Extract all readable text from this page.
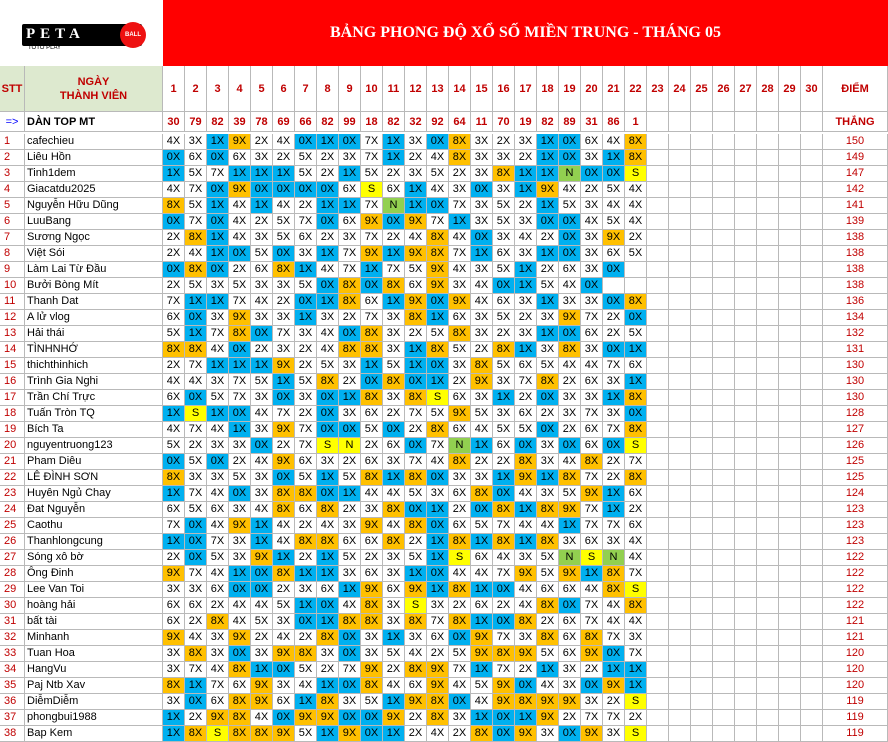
PETA	BALL
TOTO PLAY
BẢNG PHONG ĐỘ XỔ SỐ MIỀN TRUNG - THÁNG 05
STT
NGÀY
THÀNH VIÊN
1	2	3	4	5	6	7	8	9	10 11 12 13 14 15 16 17 18 19 20 21 22 23 24 25 26 27 28 29 30	ĐIỂM
=> DÀN TOP MT	30 79 82 39 78 69 66 82 99 18 82 32 92 64 11 70 19 82 89 31 86	1	THẮNG
1	cafechieu	4X 3X 1X 9X 2X 4X 0X 1X 0X 7X 1X 3X 0X 8X 3X 2X 3X 1X 0X 6X 4X 8X	150
2	Liêu Hồn	0X 6X 0X 6X 3X 2X 5X 2X 3X 7X 1X 2X 4X 8X 3X 3X 2X 1X 0X 3X 1X 8X	149
3	Tinh1dem	1X 5X 7X 1X 1X 1X 5X 2X 1X 5X 2X 3X 5X 2X 3X 8X 1X 1X	N	0X 0X	S	147
4	Giacatdu2025	4X 7X 0X 9X 0X 0X 0X 0X 6X	S	6X 1X 4X 3X 0X 3X 1X 9X 4X 2X 5X 4X	142
5	Nguyễn Hữu Dũng	8X 5X 1X 4X 1X 4X 2X 1X 1X 7X	N	1X 0X 7X 3X 5X 2X 1X 5X 3X 4X 4X	141
6	LuuBang	0X 7X 0X 4X 2X 5X 7X 0X 6X 9X 0X 9X 7X 1X 3X 5X 3X 0X 0X 4X 5X 4X	139
7	Sương Ngọc	2X 8X 1X 4X 3X 5X 6X 2X 3X 7X 2X 4X 8X 4X 0X 3X 4X 2X 0X 3X 9X 2X	138
8	Việt Sói	2X 4X 1X 0X 5X 0X 3X 1X 7X 9X 1X 9X 8X 7X 1X 6X 3X 1X 0X 3X 6X 5X	138
9	Làm Lai Từ Đầu	0X 8X 0X 2X 6X 8X 1X 4X 7X 1X 7X 5X 9X 4X 3X 5X 1X 2X 6X 3X 0X	138
10 Bưởi Bòng Mít	2X 5X 3X 5X 3X 3X 5X 0X 8X 0X 8X 6X 9X 3X 4X 0X 1X 5X 4X 0X	138
11	Thanh Dat	7X 1X 1X 7X 4X 2X 0X 1X 8X 6X 1X 9X 0X 9X 4X 6X 3X 1X 3X 3X 0X 8X	136
12 A lử vlog	6X 0X 3X 9X 3X 3X 1X 3X 2X 7X 3X 8X 1X 6X 3X 5X 2X 3X 9X 7X 2X 0X	134
13 Hải thái	5X 1X 7X 8X 0X 7X 3X 4X 0X 8X 3X 2X 5X 8X 3X 2X 3X 1X 0X 6X 2X 5X	132
14 TÌNHNHỚ	8X 8X 4X 0X 2X 3X 2X 4X 8X 8X 3X 1X 8X 5X 2X 8X 1X 3X 8X 3X 0X 1X	131
15 thichthinhich	2X 7X 1X 1X 1X 9X 2X 5X 3X 1X 5X 1X 0X 3X 8X 5X 6X 5X 4X 4X 7X 6X	130
16 Trình Gia Nghi	4X 4X 3X 7X 5X 1X 5X 8X 2X 0X 8X 0X 1X 2X 9X 3X 7X 8X 2X 6X 3X 1X	130
17 Trần Chí Trực	6X 0X 5X 7X 3X 0X 3X 0X 1X 8X 3X 8X	S	6X 3X 1X 2X 0X 3X 3X 1X 8X	130
18 Tuấn Tròn TQ	1X	S	1X 0X 4X 7X 2X 0X 3X 6X 2X 7X 5X 9X 5X 3X 6X 2X 3X 7X 3X 0X	128
19 Bích Ta	4X 7X 4X 1X 3X 9X 7X 0X 0X 5X 0X 2X 8X 6X 4X 5X 5X 0X 2X 6X 7X 8X	127
20 nguyentruong123	5X 2X 3X 3X 0X 2X 7X	S	N	2X 6X 0X 7X	N	1X 6X 0X 3X 0X 6X 0X	S	126
21 Pham Diêu	0X 5X 0X 2X 4X 9X 6X 3X 2X 6X 3X 7X 4X 8X 2X 2X 8X 3X 4X 8X 2X 7X	125
22 LÊ ĐÌNH SƠN	8X 3X 3X 5X 3X 0X 5X 1X 5X 8X 1X 8X 0X 3X 3X 1X 9X 1X 8X 7X 2X 8X	125
23 Huyên Ngủ Chay	1X 7X 4X 0X 3X 8X 8X 0X 1X 4X 4X 5X 3X 6X 8X 0X 4X 3X 5X 9X 1X 6X	124
24 Đat Nguyễn	6X 5X 6X 3X 4X 8X 6X 8X 2X 3X 8X 0X 1X 2X 0X 8X 1X 8X 9X 7X 1X 2X	123
25 Caothu	7X 0X 4X 9X 1X 4X 2X 4X 3X 9X 4X 8X 0X 6X 5X 7X 4X 4X 1X 7X 7X 6X	123
26 Thanhlongcung	1X 0X 7X 3X 1X 4X 8X 8X 6X 6X 8X 2X 1X 8X 1X 8X 1X 8X 3X 6X 3X 4X	123
27 Sóng xô bờ	2X 0X 5X 3X 9X 1X 2X 1X 5X 2X 3X 5X 1X	S	6X 4X 3X 5X	N	S	N	4X	122
28 Ông Đinh	9X 7X 4X 1X 0X 8X 1X 1X 3X 6X 3X 1X 0X 4X 4X 7X 9X 5X 9X 1X 8X 7X	122
29 Lee Van Toi	3X 3X 6X 0X 0X 2X 3X 6X 1X 9X 6X 9X 1X 8X 1X 0X 4X 6X 6X 4X 8X	S	122
30 hoàng hải	6X 6X 2X 4X 4X 5X 1X 0X 4X 8X 3X	S	3X 2X 6X 2X 4X 8X 0X 7X 4X 8X	122
31 bất tài	6X 2X 8X 4X 5X 3X 0X 1X 8X 8X 3X 8X 7X 8X 1X 0X 8X 2X 6X 7X 4X 4X	121
32 Minhanh	9X 4X 3X 9X 2X 4X 2X 8X 0X 3X 1X 3X 6X 0X 9X 7X 3X 8X 6X 8X 7X 3X	121
33 Tuan Hoa	3X 8X 3X 0X 3X 9X 8X 3X 0X 3X 5X 4X 2X 5X 9X 8X 9X 5X 6X 9X 0X 7X	120
34 HangVu	3X 7X 4X 8X 1X 0X 5X 2X 7X 9X 2X 8X 9X 7X 1X 7X 2X 1X 3X 2X 1X 1X	120
35 Paj Ntb Xav	8X 1X 7X 6X 9X 3X 4X 1X 0X 8X 4X 6X 9X 4X 5X 9X 0X 4X 3X 0X 9X 1X	120
36 DiễmDiễm	3X 0X 6X 8X 9X 6X 1X 8X 3X 5X 1X 9X 8X 0X 4X 9X 8X 9X 9X 3X 2X	S	119
37 phongbui1988	1X 2X 9X 8X 4X 0X 9X 9X 0X 0X 9X 2X 8X 3X 1X 0X 1X 9X 2X 7X 7X 2X	119
38 Bap Kem	1X 8X	S	8X 8X 9X 5X 1X 9X 0X 1X 2X 4X 2X 8X 0X 9X 3X 0X 9X 3X	S	119
